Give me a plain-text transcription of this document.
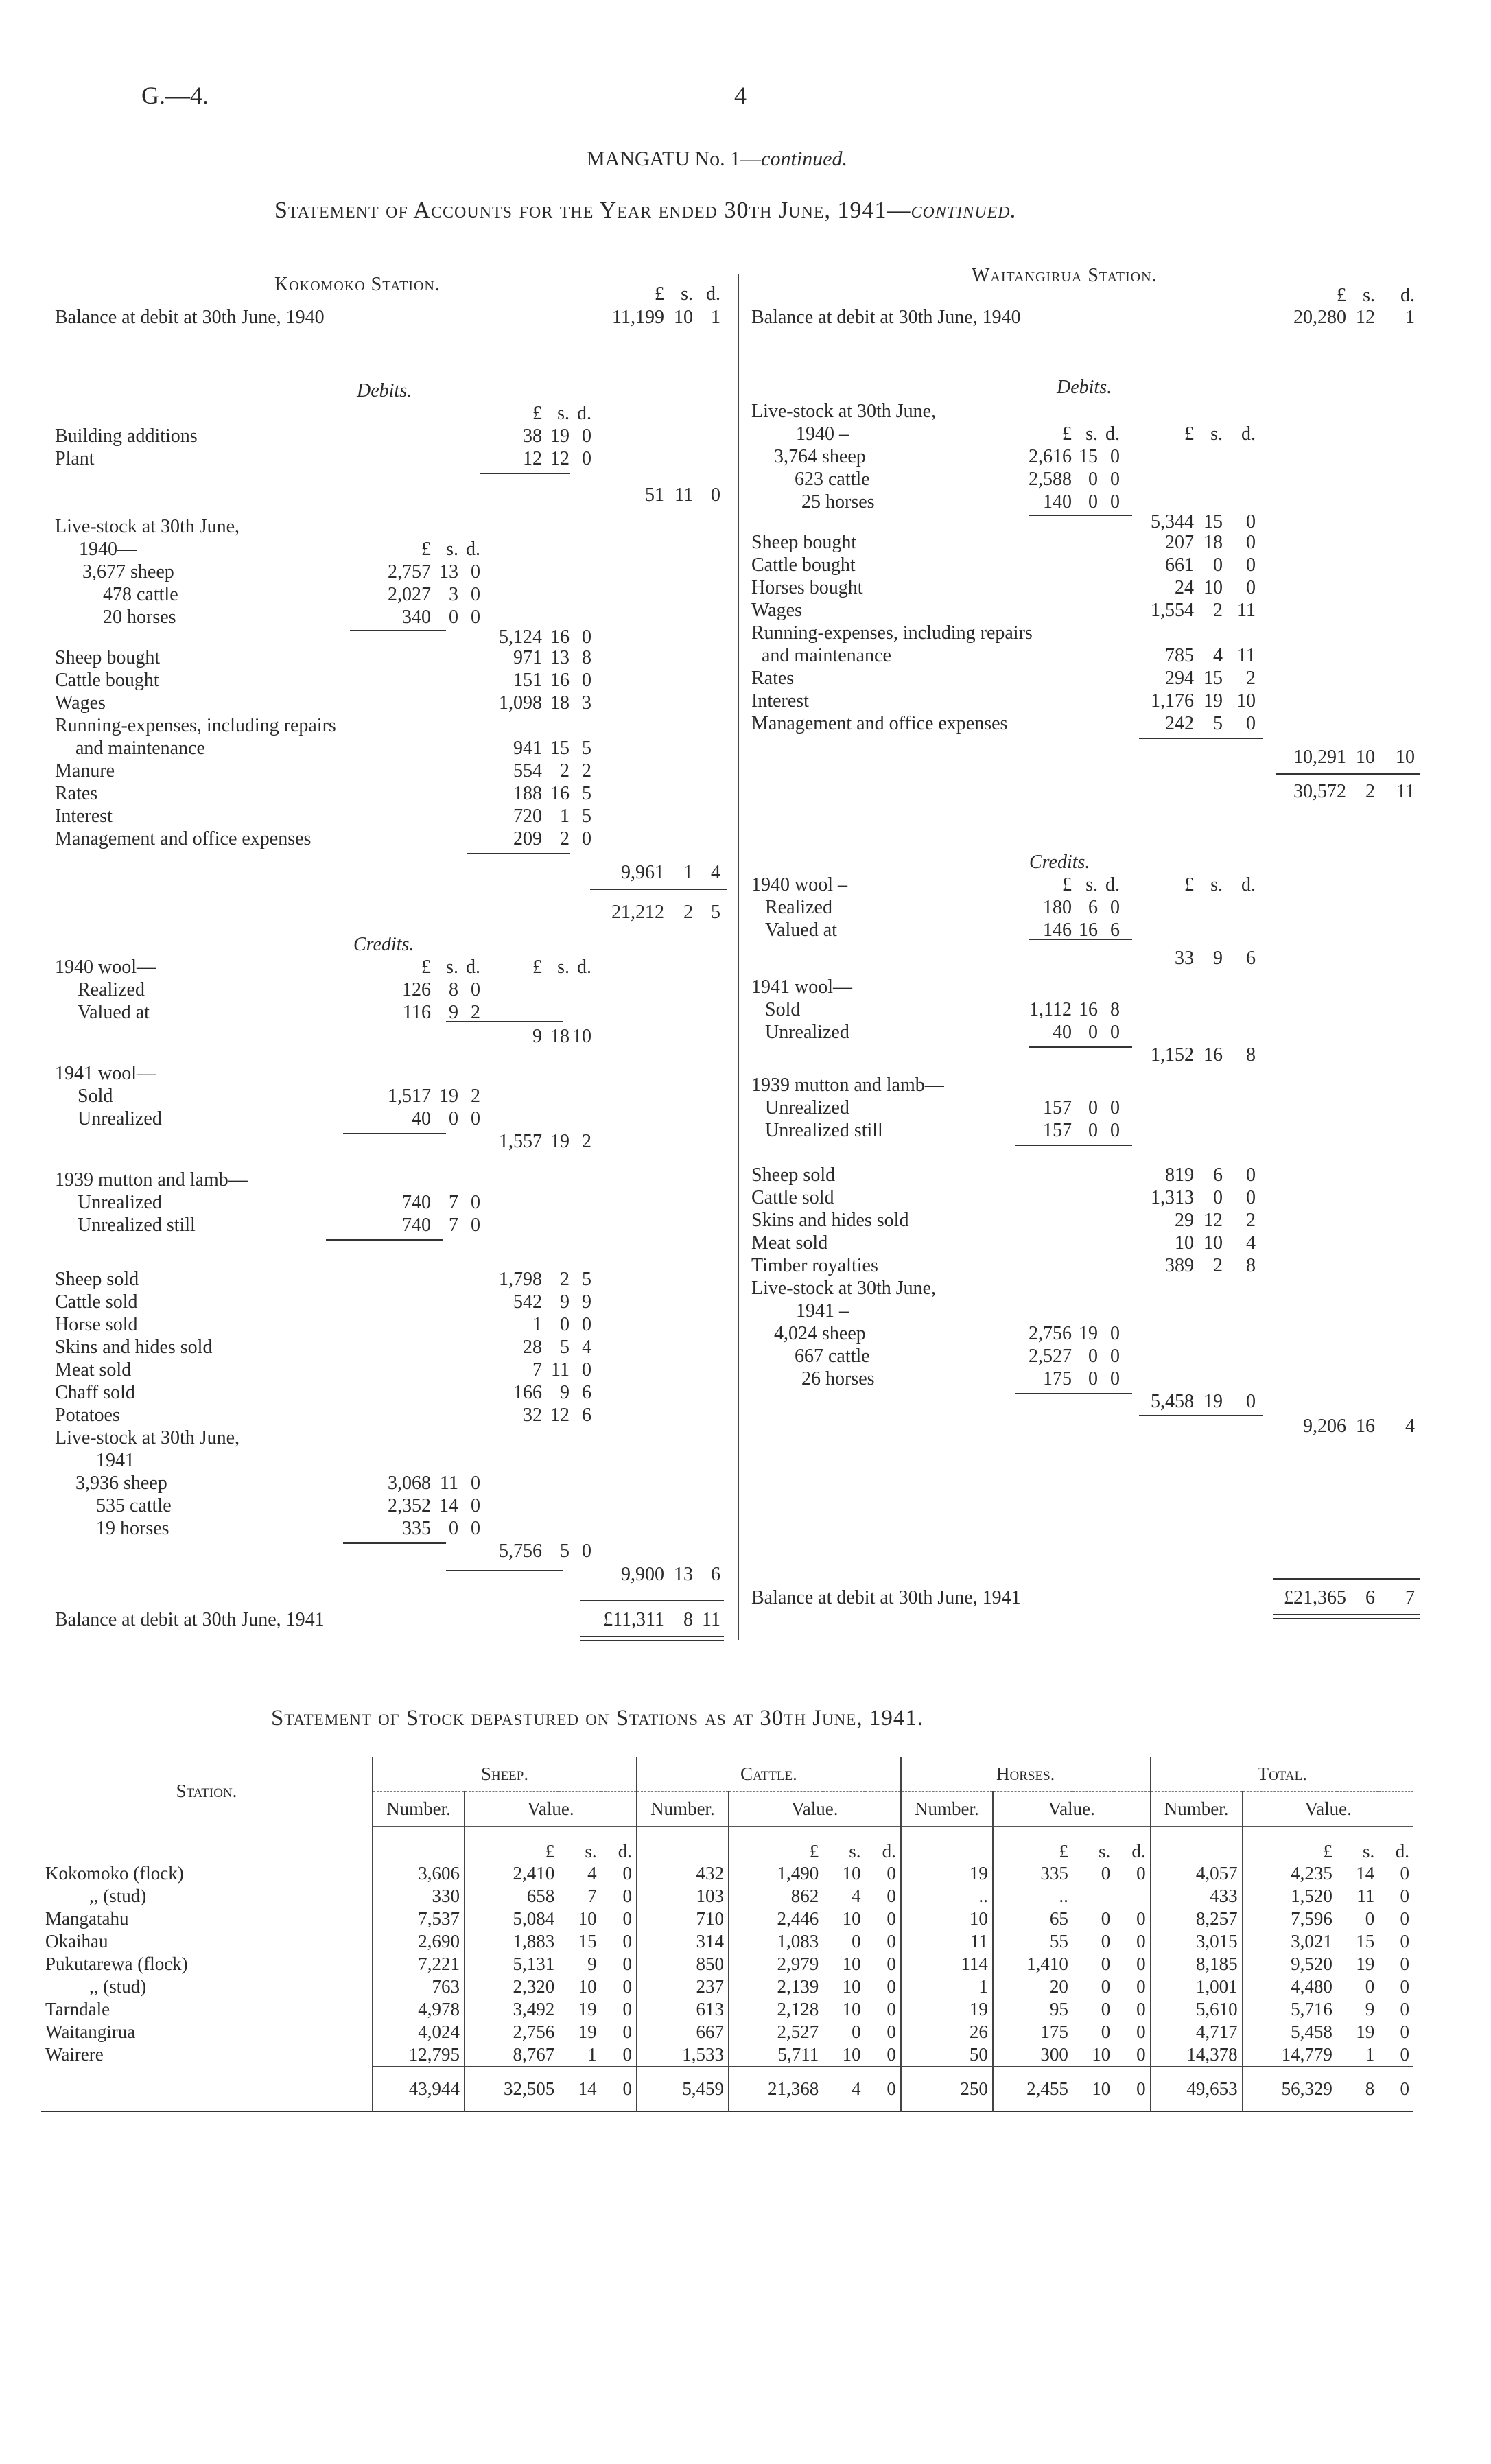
G.—4.	4
MANGATU No. 1—continued.
Statement of Accounts for the Year ended 30th June, 1941—continued.
Kokomoko Station.	£ s. d.
Balance at debit at 30th June, 1940	11,199 10 1
Debits.
£ s. d.
Building additions	38 19 0
Plant	12 12 0
51 11 0
Live-stock at 30th June,
1940—	£ s. d.
3,677 sheep	2,757 13 0
478 cattle	2,027 3 0
20 horses	340 0 0
5,124 16 0
Sheep bought	971 13 8
Cattle bought	151 16 0
Wages	1,098 18 3
Running-expenses, including repairs
and maintenance	941 15 5
Manure	554 2 2
Rates	188 16 5
Interest	720 1 5
Management and office expenses	209 2 0
9,961 1 4
21,212 2 5
Credits.
1940 wool—	£ s. d.	£ s. d.
Realized	126 8 0
Valued at	116 9 2
9 18 10
1941 wool—
Sold	1,517 19 2
Unrealized	40 0 0
1,557 19 2
1939 mutton and lamb—
Unrealized	740 7 0
Unrealized still	740 7 0
Sheep sold	1,798 2 5
Cattle sold	542 9 9
Horse sold	1 0 0
Skins and hides sold	28 5 4
Meat sold	7 11 0
Chaff sold	166 9 6
Potatoes	32 12 6
Live-stock at 30th June,
1941
3,936 sheep	3,068 11 0
535 cattle	2,352 14 0
19 horses	335 0 0
5,756 5 0
9,900 13 6
Balance at debit at 30th June, 1941	£11,311 8 11
Waitangirua Station.
£ s. d.
Balance at debit at 30th June, 1940	20,280 12 1
Debits.
Live-stock at 30th June,
1940 –	£ s. d.	£ s. d.
3,764 sheep	2,616 15 0
623 cattle	2,588 0 0
25 horses	140 0 0
5,344 15 0
Sheep bought	207 18 0
Cattle bought	661 0 0
Horses bought	24 10 0
Wages	1,554 2 11
Running-expenses, including repairs
and maintenance	785 4 11
Rates	294 15 2
Interest	1,176 19 10
Management and office expenses	242 5 0
10,291 10 10
30,572 2 11
Credits.
1940 wool –	£ s. d.	£ s. d.
Realized	180 6 0
Valued at	146 16 6
33 9 6
1941 wool—
Sold	1,112 16 8
Unrealized	40 0 0
1,152 16 8
1939 mutton and lamb—
Unrealized	157 0 0
Unrealized still	157 0 0
Sheep sold	819 6 0
Cattle sold	1,313 0 0
Skins and hides sold	29 12 2
Meat sold	10 10 4
Timber royalties	389 2 8
Live-stock at 30th June,
1941 –
4,024 sheep	2,756 19 0
667 cattle	2,527 0 0
26 horses	175 0 0
5,458 19 0
9,206 16 4
Balance at debit at 30th June, 1941	£21,365 6 7
Statement of Stock depastured on Stations as at 30th June, 1941.
Station.	Sheep.				Cattle.				Horses.				Total.			
	Number.	Value.			Number.	Value.			Number.	Value.			Number.	Value.		
		£	s.	d.		£	s.	d.		£	s.	d.		£	s.	d.
Kokomoko (flock)	3,606	2,410	4	0	432	1,490	10	0	19	335	0	0	4,057	4,235	14	0
,, (stud)	330	658	7	0	103	862	4	0	..	..			433	1,520	11	0
Mangatahu	7,537	5,084	10	0	710	2,446	10	0	10	65	0	0	8,257	7,596	0	0
Okaihau	2,690	1,883	15	0	314	1,083	0	0	11	55	0	0	3,015	3,021	15	0
Pukutarewa (flock)	7,221	5,131	9	0	850	2,979	10	0	114	1,410	0	0	8,185	9,520	19	0
,, (stud)	763	2,320	10	0	237	2,139	10	0	1	20	0	0	1,001	4,480	0	0
Tarndale	4,978	3,492	19	0	613	2,128	10	0	19	95	0	0	5,610	5,716	9	0
Waitangirua	4,024	2,756	19	0	667	2,527	0	0	26	175	0	0	4,717	5,458	19	0
Wairere	12,795	8,767	1	0	1,533	5,711	10	0	50	300	10	0	14,378	14,779	1	0
	43,944	32,505	14	0	5,459	21,368	4	0	250	2,455	10	0	49,653	56,329	8	0
